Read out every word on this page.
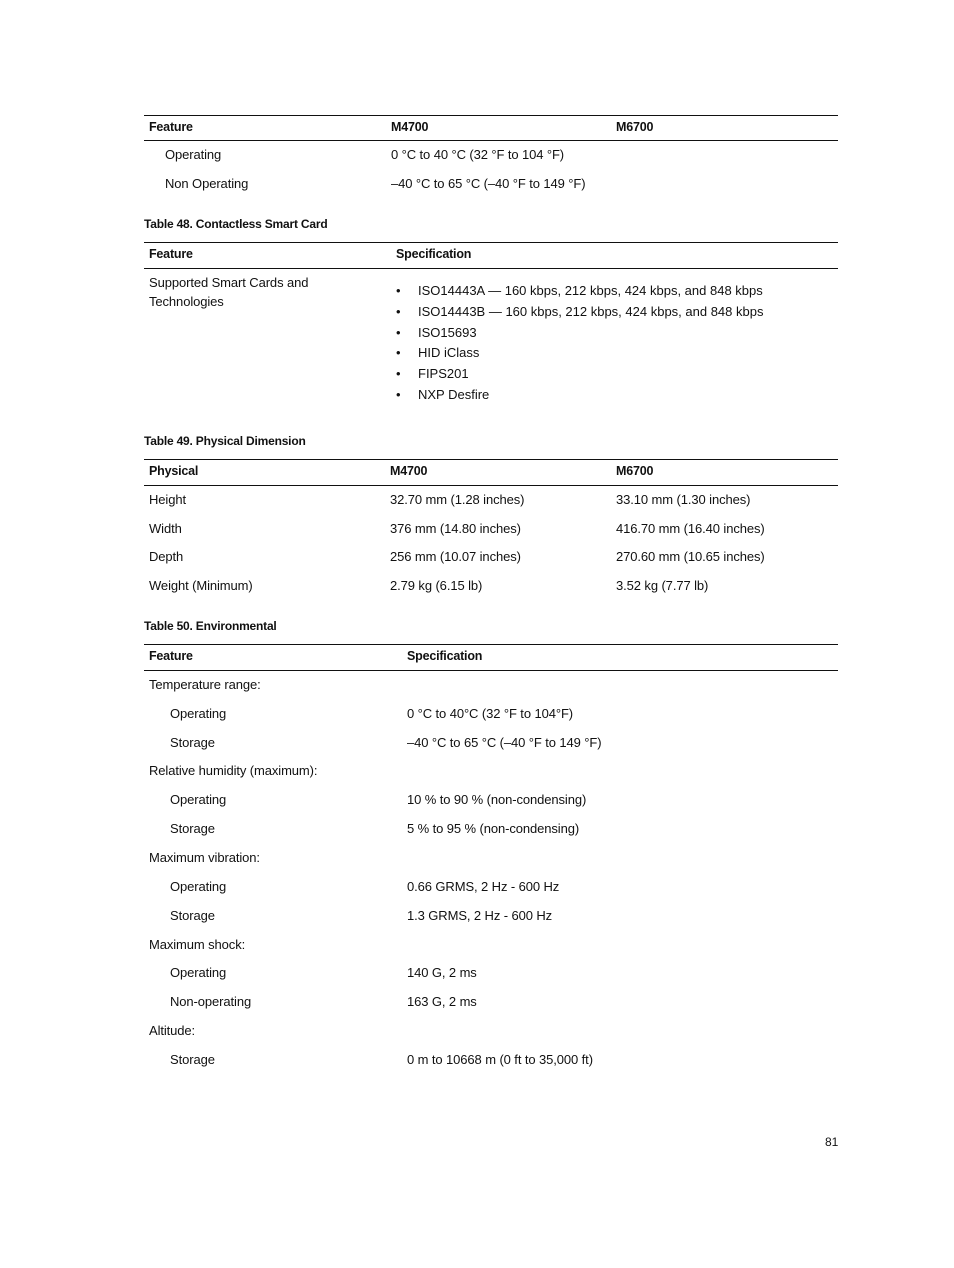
Feature	M4700	M6700
Operating	0 °C to 40 °C (32 °F to 104 °F)
Non Operating	–40 °C to 65 °C (–40 °F to 149 °F)
Table 48. Contactless Smart Card
Feature	Specification
Supported Smart Cards and
Technologies
• ISO14443A — 160 kbps, 212 kbps, 424 kbps, and 848 kbps
• ISO14443B — 160 kbps, 212 kbps, 424 kbps, and 848 kbps
• ISO15693
• HID iClass
• FIPS201
• NXP Desfire
Table 49. Physical Dimension
Physical	M4700	M6700
Height	32.70 mm (1.28 inches)	33.10 mm (1.30 inches)
Width	376 mm (14.80 inches)	416.70 mm (16.40 inches)
Depth	256 mm (10.07 inches)	270.60 mm (10.65 inches)
Weight (Minimum)	2.79 kg (6.15 lb)	3.52 kg (7.77 lb)
Table 50. Environmental
Feature	Specification
Temperature range:
Operating	0 °C to 40°C (32 °F to 104°F)
Storage	–40 °C to 65 °C (–40 °F to 149 °F)
Relative humidity (maximum):
Operating	10 % to 90 % (non-condensing)
Storage	5 % to 95 % (non-condensing)
Maximum vibration:
Operating	0.66 GRMS, 2 Hz - 600 Hz
Storage	1.3 GRMS, 2 Hz - 600 Hz
Maximum shock:
Operating	140 G, 2 ms
Non-operating	163 G, 2 ms
Altitude:
Storage	0 m to 10668 m (0 ft to 35,000 ft)
81
